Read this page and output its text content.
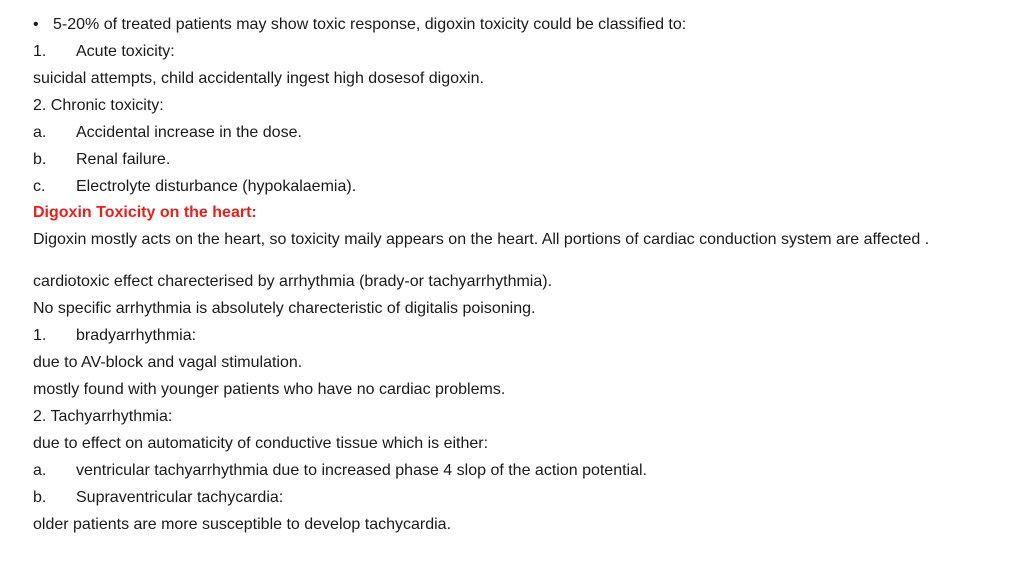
• 5-20% of treated patients may show toxic response, digoxin toxicity could be classified to:
1. Acute toxicity:
suicidal attempts, child accidentally ingest high dosesof digoxin.
2. Chronic toxicity:
a. Accidental increase in the dose.
b. Renal failure.
c. Electrolyte disturbance (hypokalaemia).
Digoxin Toxicity on the heart:
Digoxin mostly acts on the heart, so toxicity maily appears on the heart. All portions of cardiac conduction system are affected .
cardiotoxic effect charecterised by arrhythmia (brady-or tachyarrhythmia).
No specific arrhythmia is absolutely charecteristic of digitalis poisoning.
1. bradyarrhythmia:
due to AV-block and vagal stimulation.
mostly found with younger patients who have no cardiac problems.
2. Tachyarrhythmia:
due to effect on automaticity of conductive tissue which is either:
a. ventricular tachyarrhythmia due to increased phase 4 slop of the action potential.
b. Supraventricular tachycardia:
older patients are more susceptible to develop tachycardia.
